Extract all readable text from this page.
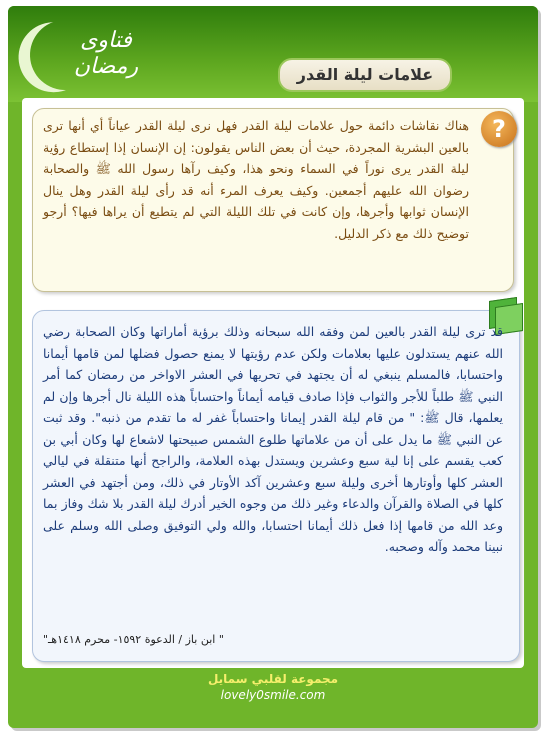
فتاوى
رمضان	علامات ليلة القدر
?
هناك نقاشات دائمة حول علامات ليلة القدر فهل نرى ليلة القدر عياناً أي أنها ترى بالعين البشرية المجردة، حيث أن بعض الناس يقولون: إن الإنسان إذا إستطاع رؤية ليلة القدر يرى نوراً في السماء ونحو هذا، وكيف رآها رسول الله ﷺ والصحابة رضوان الله عليهم أجمعين. وكيف يعرف المرء أنه قد رأى ليلة القدر وهل ينال الإنسان ثوابها وأجرها، وإن كانت في تلك الليلة التي لم يتطيع أن يراها فيها؟ أرجو توضيح ذلك مع ذكر الدليل.
قد ترى ليلة القدر بالعين لمن وفقه الله سبحانه وذلك برؤية أماراتها وكان الصحابة رضي الله عنهم يستدلون عليها بعلامات ولكن عدم رؤيتها لا يمنع حصول فضلها لمن قامها أيمانا واحتسابا، فالمسلم ينبغي له أن يجتهد في تحريها في العشر الاواخر من رمضان كما أمر النبي ﷺ طلباً للأجر والثواب فإذا صادف قيامه أيماناً واحتساباً هذه الليلة نال أجرها وإن لم يعلمها، قال ﷺ: " من قام ليلة القدر إيمانا واحتساباً غفر له ما تقدم من ذنبه". وقد ثبت عن النبي ﷺ ما يدل على أن من علاماتها طلوع الشمس صبيحتها لاشعاع لها وكان أبي بن كعب يقسم على إنا لية سبع وعشرين ويستدل بهذه العلامة، والراجح أنها متنقلة في ليالي العشر كلها وأوتارها أخرى وليلة سبع وعشرين آكد الأوتار في ذلك، ومن أجتهد في العشر كلها في الصلاة والقرآن والدعاء وغير ذلك من وجوه الخير أدرك ليلة القدر بلا شك وفاز بما وعد الله من قامها إذا فعل ذلك أيمانا احتسابا، والله ولي التوفيق وصلى الله وسلم على نبينا محمد وآله وصحبه.
" ابن باز / الدعوة ١٥٩٢- محرم ١٤١٨هـ"
مجموعة لقلبي سمايل
lovely0smile.com
